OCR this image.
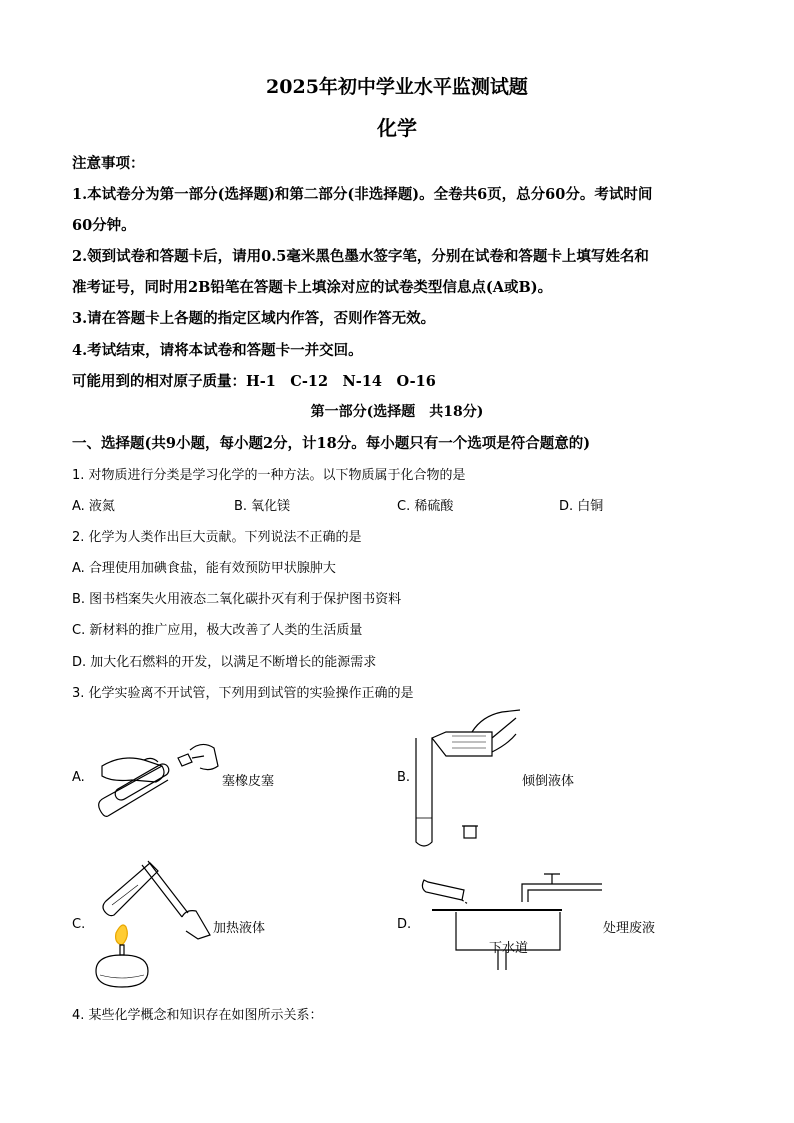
2025年初中学业水平监测试题
化学
注意事项：
1.本试卷分为第一部分(选择题)和第二部分(非选择题)。全卷共6页，总分60分。考试时间
60分钟。
2.领到试卷和答题卡后，请用0.5毫米黑色墨水签字笔，分别在试卷和答题卡上填写姓名和
准考证号，同时用2B铅笔在答题卡上填涂对应的试卷类型信息点(A或B)。
3.请在答题卡上各题的指定区域内作答，否则作答无效。
4.考试结束，请将本试卷和答题卡一并交回。
可能用到的相对原子质量：H-1　C-12　N-14　O-16
第一部分(选择题　共18分)
一、选择题(共9小题，每小题2分，计18分。每小题只有一个选项是符合题意的)
1. 对物质进行分类是学习化学的一种方法。以下物质属于化合物的是
A. 液氮	B. 氧化镁	C. 稀硫酸	D. 白铜
2. 化学为人类作出巨大贡献。下列说法不正确的是
A. 合理使用加碘食盐，能有效预防甲状腺肿大
B. 图书档案失火用液态二氧化碳扑灭有利于保护图书资料
C. 新材料的推广应用，极大改善了人类的生活质量
D. 加大化石燃料的开发，以满足不断增长的能源需求
3. 化学实验离不开试管，下列用到试管的实验操作正确的是
A.	塞橡皮塞	B.	倾倒液体
C.	加热液体	D.
下水道
处理废液
4. 某些化学概念和知识存在如图所示关系：
